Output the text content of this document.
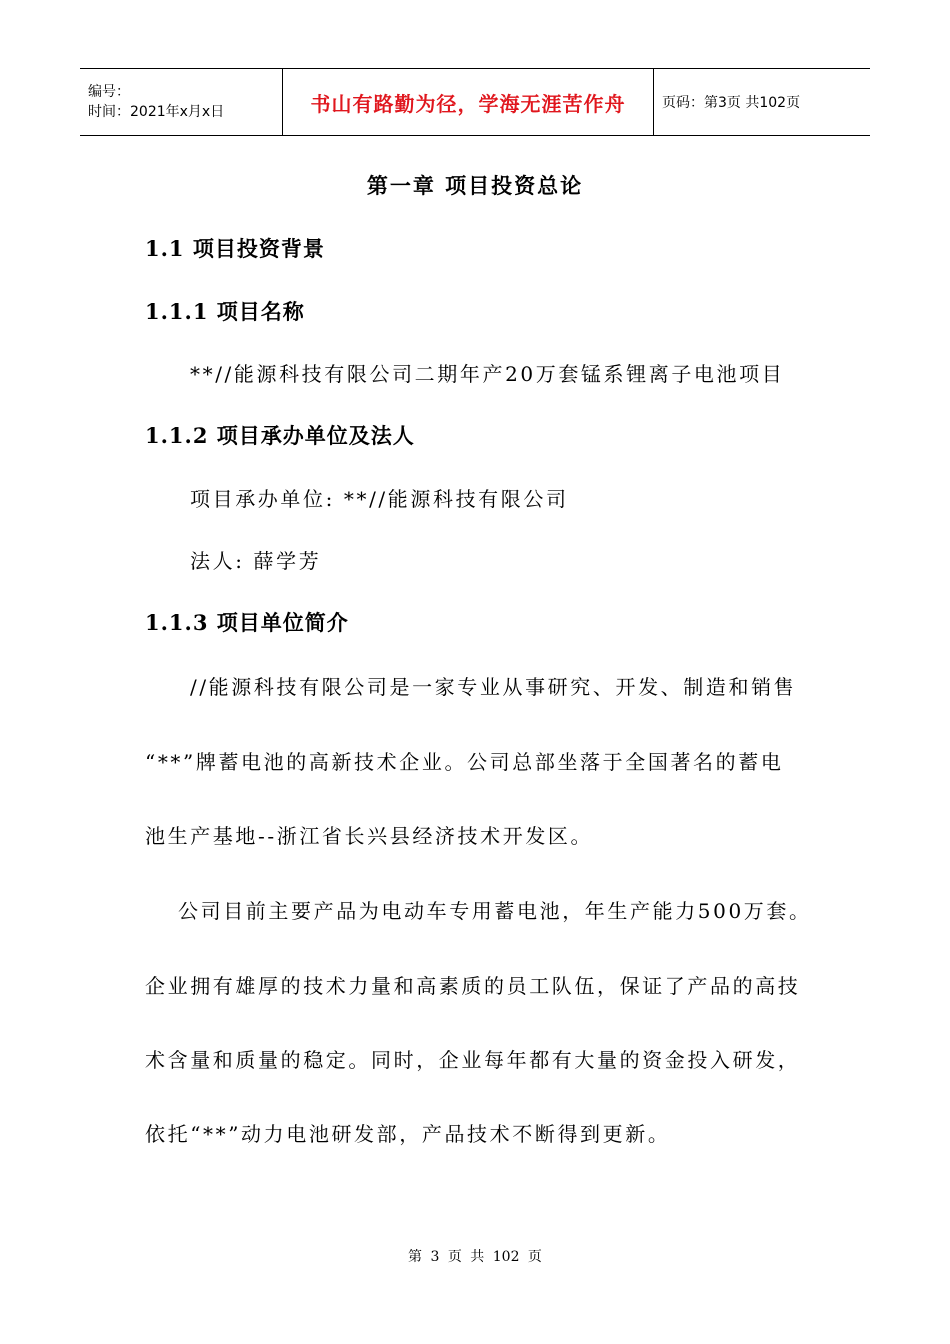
编号：
时间：2021年x月x日	书山有路勤为径，学海无涯苦作舟	页码：第3页 共102页
第一章 项目投资总论
1.1 项目投资背景
1.1.1 项目名称
**//能源科技有限公司二期年产20万套锰系锂离子电池项目
1.1.2 项目承办单位及法人
项目承办单位: **//能源科技有限公司
法人: 薛学芳
1.1.3 项目单位简介
//能源科技有限公司是一家专业从事研究、开发、制造和销售
“**”牌蓄电池的高新技术企业。公司总部坐落于全国著名的蓄电
池生产基地--浙江省长兴县经济技术开发区。
公司目前主要产品为电动车专用蓄电池，年生产能力500万套。
企业拥有雄厚的技术力量和高素质的员工队伍，保证了产品的高技
术含量和质量的稳定。同时，企业每年都有大量的资金投入研发，
依托“**”动力电池研发部，产品技术不断得到更新。
第 3 页 共 102 页
